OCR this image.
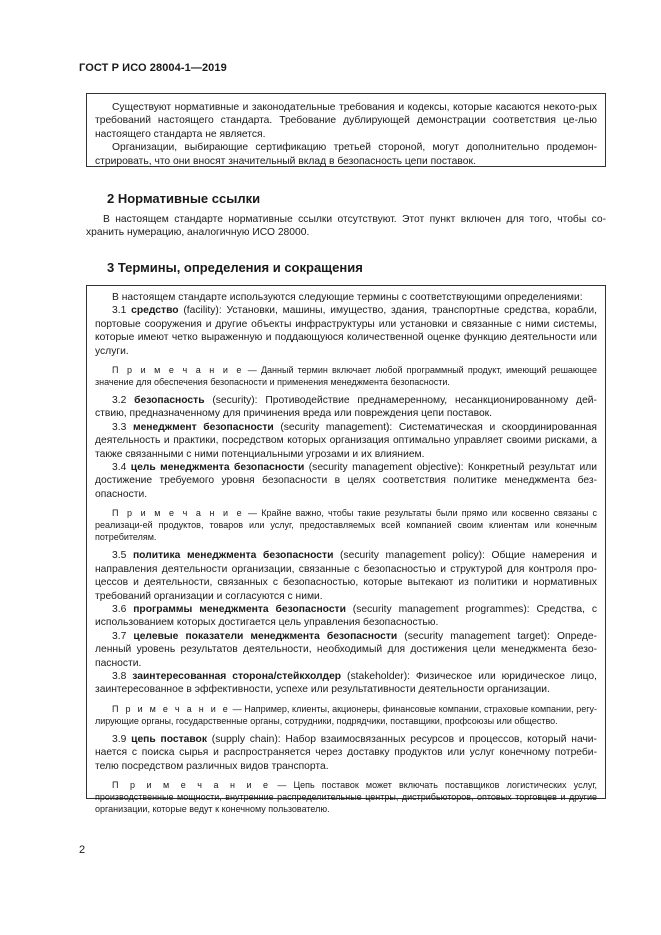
ГОСТ Р ИСО 28004-1—2019

Существуют нормативные и законодательные требования и кодексы, которые касаются некото-рых требований настоящего стандарта. Требование дублирующей демонстрации соответствия це-лью настоящего стандарта не является.

Организации, выбирающие сертификацию третьей стороной, могут дополнительно продемон-стрировать, что они вносят значительный вклад в безопасность цепи поставок.

2 Нормативные ссылки

В настоящем стандарте нормативные ссылки отсутствуют. Этот пункт включен для того, чтобы со-хранить нумерацию, аналогичную ИСО 28000.

3 Термины, определения и сокращения

В настоящем стандарте используются следующие термины с соответствующими определениями:

3.1 средство (facility): Установки, машины, имущество, здания, транспортные средства, корабли, портовые сооружения и другие объекты инфраструктуры или установки и связанные с ними системы, которые имеют четко выраженную и поддающуюся количественной оценке функцию деятельности или услуги.

П р и м е ч а н и е — Данный термин включает любой программный продукт, имеющий решающее значение для обеспечения безопасности и применения менеджмента безопасности.

3.2 безопасность (security): Противодействие преднамеренному, несанкционированному дей-ствию, предназначенному для причинения вреда или повреждения цепи поставок.

3.3 менеджмент безопасности (security management): Систематическая и скоординированная деятельность и практики, посредством которых организация оптимально управляет своими рисками, а также связанными с ними потенциальными угрозами и их влиянием.

3.4 цель менеджмента безопасности (security management objective): Конкретный результат или достижение требуемого уровня безопасности в целях соответствия политике менеджмента без-опасности.

П р и м е ч а н и е — Крайне важно, чтобы такие результаты были прямо или косвенно связаны с реализаци-ей продуктов, товаров или услуг, предоставляемых всей компанией своим клиентам или конечным потребителям.

3.5 политика менеджмента безопасности (security management policy): Общие намерения и направления деятельности организации, связанные с безопасностью и структурой для контроля про-цессов и деятельности, связанных с безопасностью, которые вытекают из политики и нормативных требований организации и согласуются с ними.

3.6 программы менеджмента безопасности (security management programmes): Средства, с использованием которых достигается цель управления безопасностью.

3.7 целевые показатели менеджмента безопасности (security management target): Опреде-ленный уровень результатов деятельности, необходимый для достижения цели менеджмента безо-пасности.

3.8 заинтересованная сторона/стейкхолдер (stakeholder): Физическое или юридическое лицо, заинтересованное в эффективности, успехе или результативности деятельности организации.

П р и м е ч а н и е — Например, клиенты, акционеры, финансовые компании, страховые компании, регу-лирующие органы, государственные органы, сотрудники, подрядчики, поставщики, профсоюзы или общество.

3.9 цепь поставок (supply chain): Набор взаимосвязанных ресурсов и процессов, который начи-нается с поиска сырья и распространяется через доставку продуктов или услуг конечному потреби-телю посредством различных видов транспорта.

П р и м е ч а н и е — Цепь поставок может включать поставщиков логистических услуг, производственные мощности, внутренние распределительные центры, дистрибьюторов, оптовых торговцев и другие организации, которые ведут к конечному пользователю.

2
